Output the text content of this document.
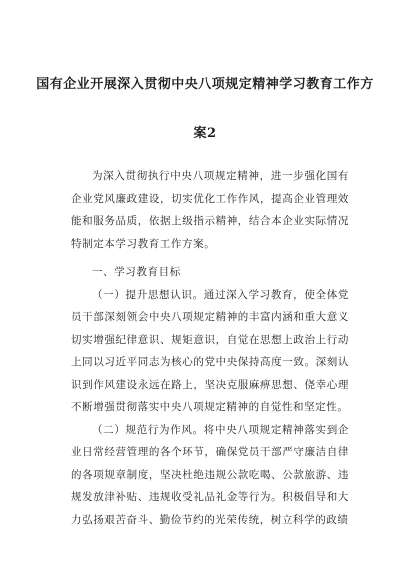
国有企业开展深入贯彻中央八项规定精神学习教育工作方
案2

为深入贯彻执行中央八项规定精神，进一步强化国有企业党风廉政建设，切实优化工作作风，提高企业管理效能和服务品质，依据上级指示精神，结合本企业实际情况特制定本学习教育工作方案。

一、学习教育目标

（一）提升思想认识。通过深入学习教育，使全体党员干部深刻领会中央八项规定精神的丰富内涵和重大意义切实增强纪律意识、规矩意识，自觉在思想上政治上行动上同以习近平同志为核心的党中央保持高度一致。深刻认识到作风建设永远在路上，坚决克服麻痹思想、侥幸心理不断增强贯彻落实中央八项规定精神的自觉性和坚定性。

（二）规范行为作风。将中央八项规定精神落实到企业日常经营管理的各个环节，确保党员干部严守廉洁自律的各项规章制度，坚决杜绝违规公款吃喝、公款旅游、违规发放津补贴、违规收受礼品礼金等行为。积极倡导和大力弘扬艰苦奋斗、勤俭节约的光荣传统，树立科学的政绩
